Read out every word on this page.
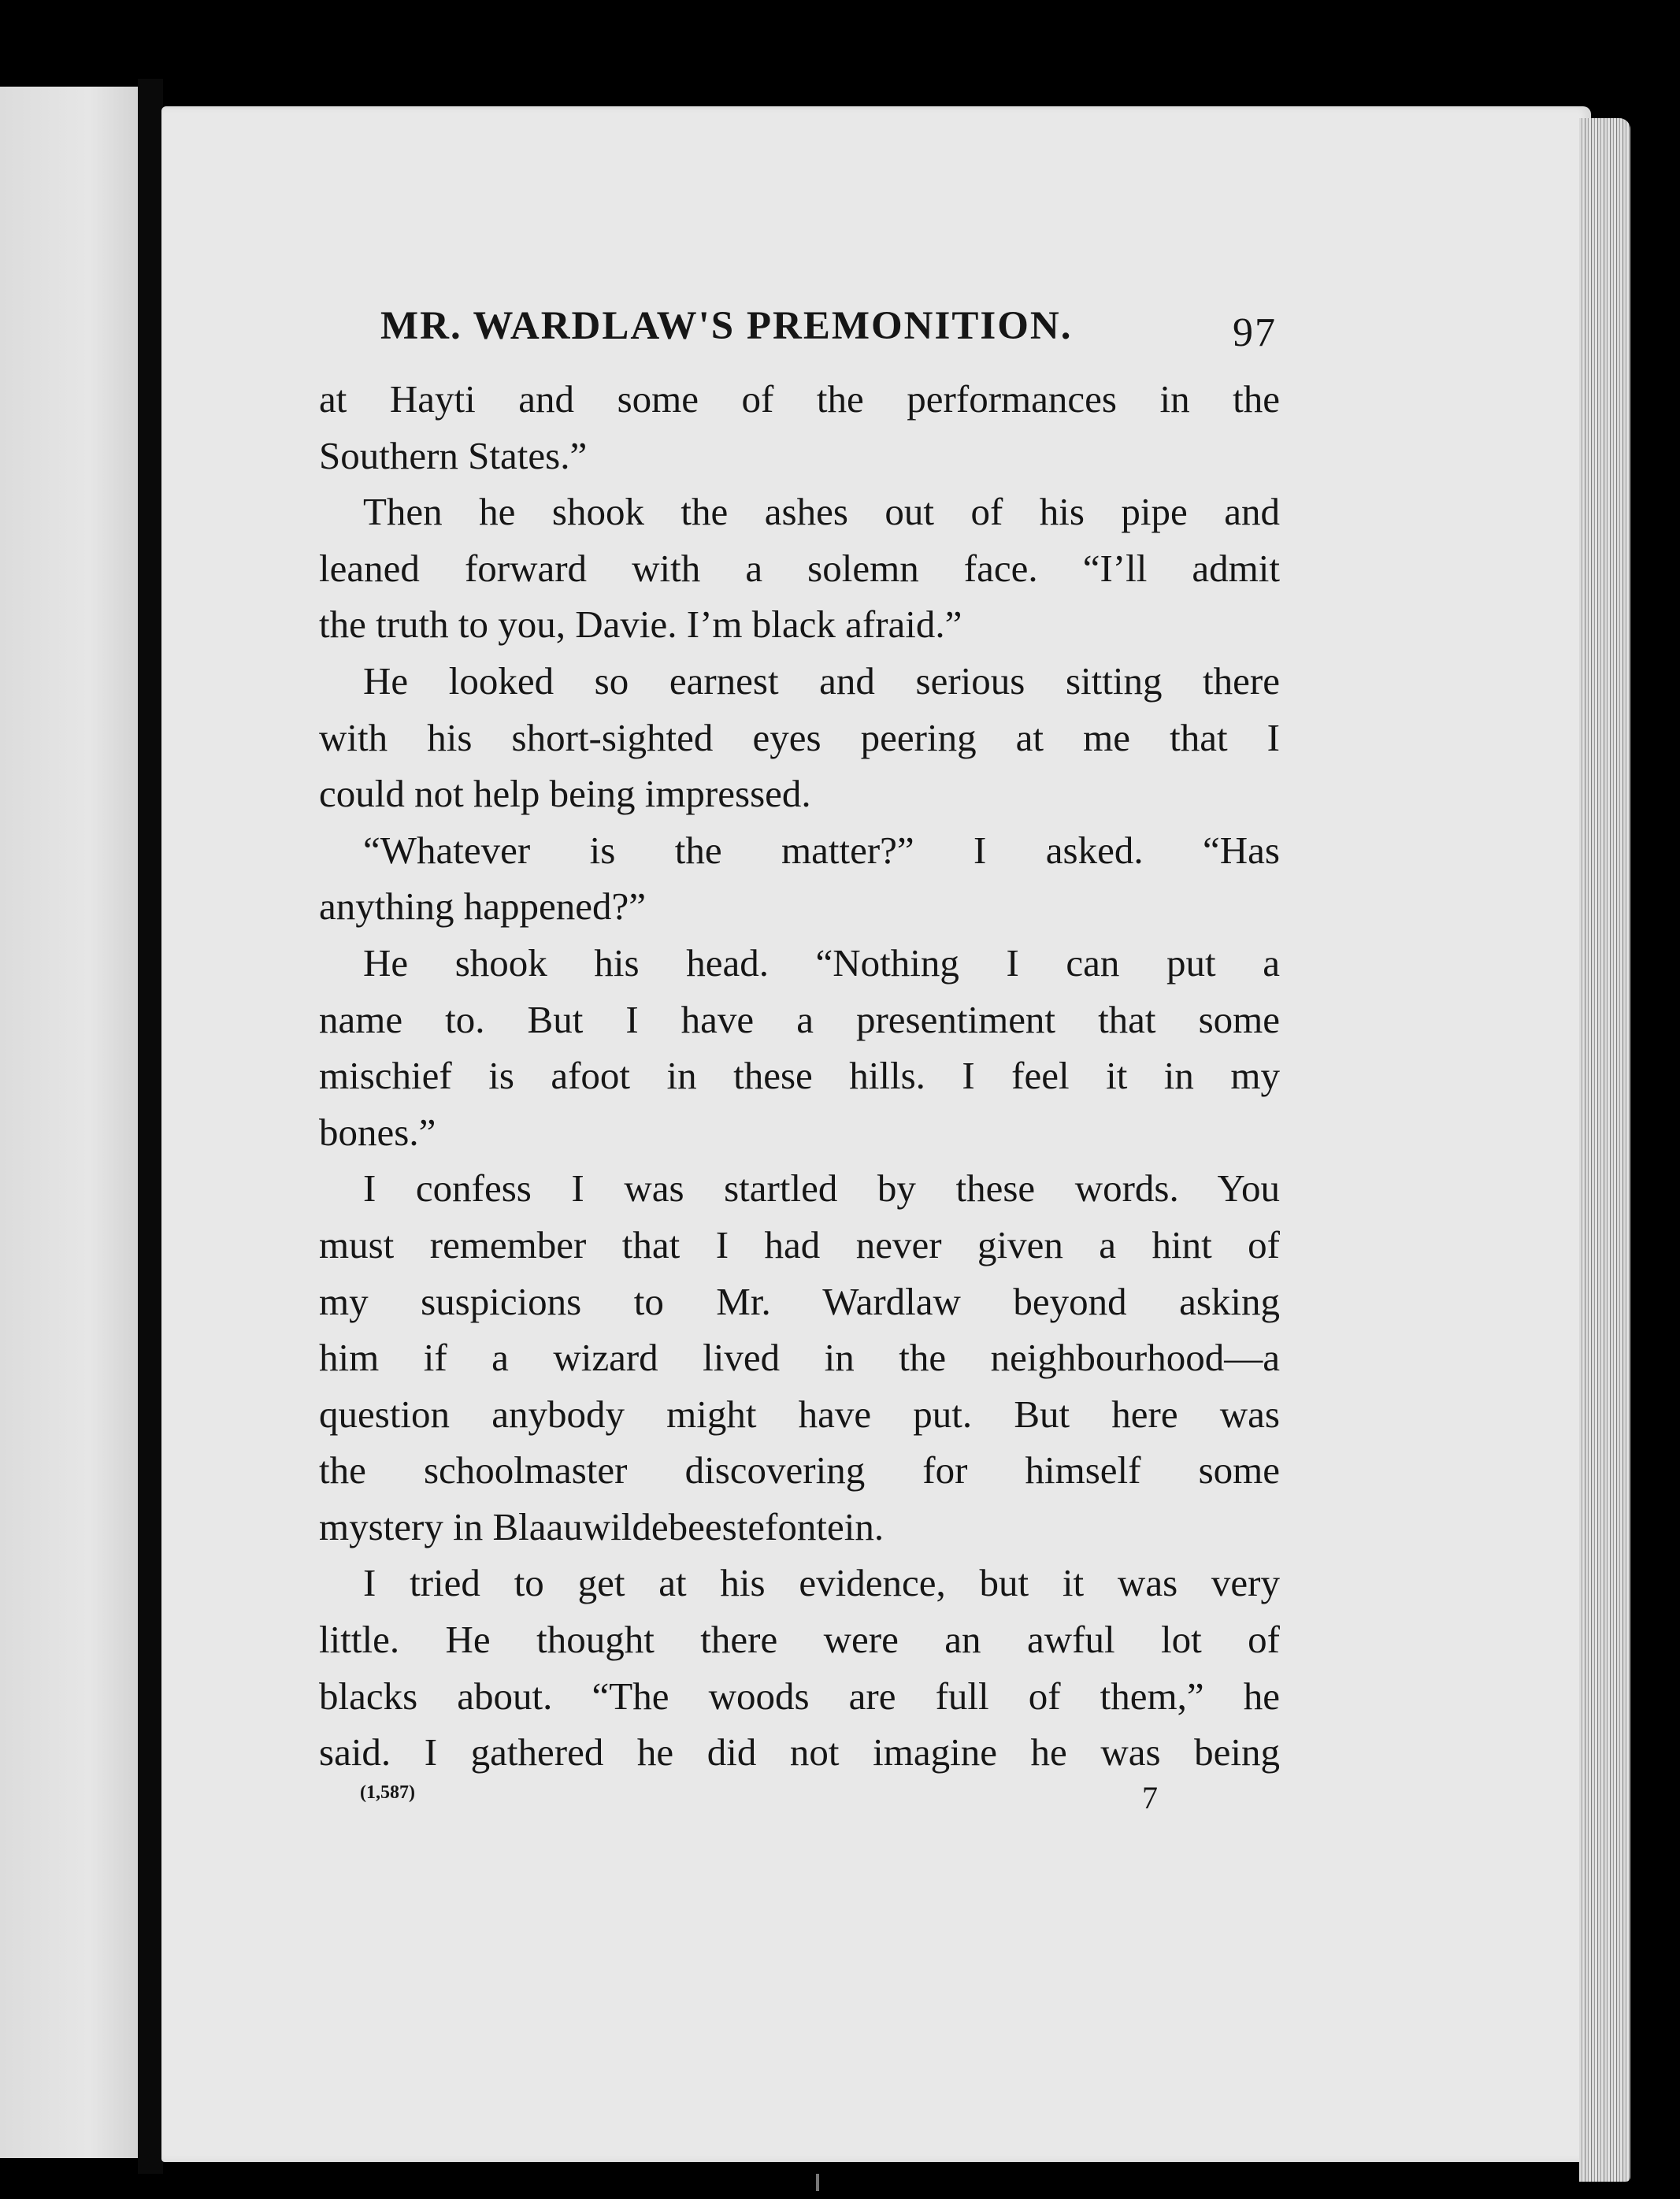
MR. WARDLAW'S PREMONITION.	97
at Hayti and some of the performances in the
Southern States.”
Then he shook the ashes out of his pipe and
leaned forward with a solemn face. “I’ll admit
the truth to you, Davie. I’m black afraid.”
He looked so earnest and serious sitting there
with his short-sighted eyes peering at me that I
could not help being impressed.
“Whatever is the matter?” I asked. “Has
anything happened?”
He shook his head. “Nothing I can put a
name to. But I have a presentiment that some
mischief is afoot in these hills. I feel it in my
bones.”
I confess I was startled by these words. You
must remember that I had never given a hint of
my suspicions to Mr. Wardlaw beyond asking
him if a wizard lived in the neighbourhood—a
question anybody might have put. But here was
the schoolmaster discovering for himself some
mystery in Blaauwildebeestefontein.
I tried to get at his evidence, but it was very
little. He thought there were an awful lot of
blacks about. “The woods are full of them,” he
said. I gathered he did not imagine he was being
(1,587)	7
